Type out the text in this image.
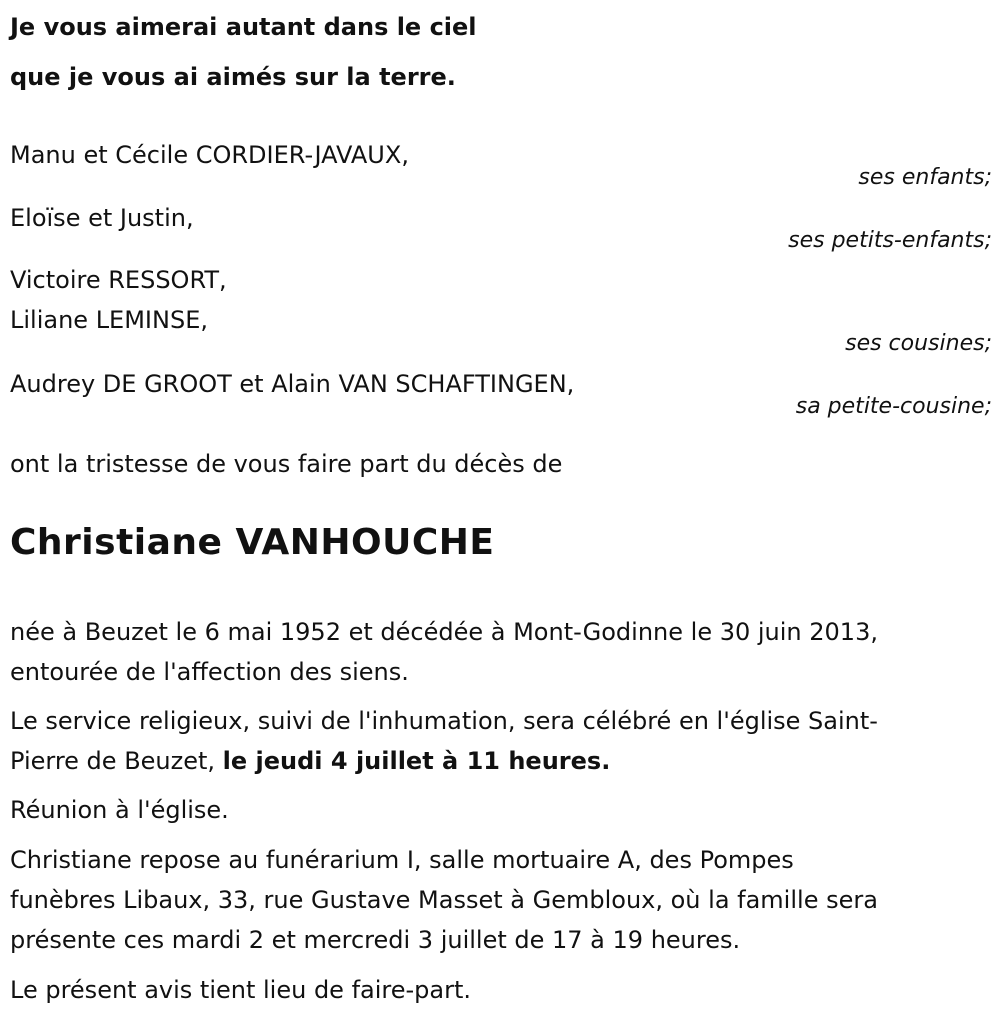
Je vous aimerai autant dans le ciel
que je vous ai aimés sur la terre.
Manu et Cécile CORDIER-JAVAUX,
ses enfants;
Eloïse et Justin,
ses petits-enfants;
Victoire RESSORT,
Liliane LEMINSE,
ses cousines;
Audrey DE GROOT et Alain VAN SCHAFTINGEN,
sa petite-cousine;
ont la tristesse de vous faire part du décès de
Christiane VANHOUCHE
née à Beuzet le 6 mai 1952 et décédée à Mont-Godinne le 30 juin 2013,
entourée de l'affection des siens.
Le service religieux, suivi de l'inhumation, sera célébré en l'église Saint-
Pierre de Beuzet, le jeudi 4 juillet à 11 heures.
Réunion à l'église.
Christiane repose au funérarium I, salle mortuaire A, des Pompes
funèbres Libaux, 33, rue Gustave Masset à Gembloux, où la famille sera
présente ces mardi 2 et mercredi 3 juillet de 17 à 19 heures.
Le présent avis tient lieu de faire-part.
